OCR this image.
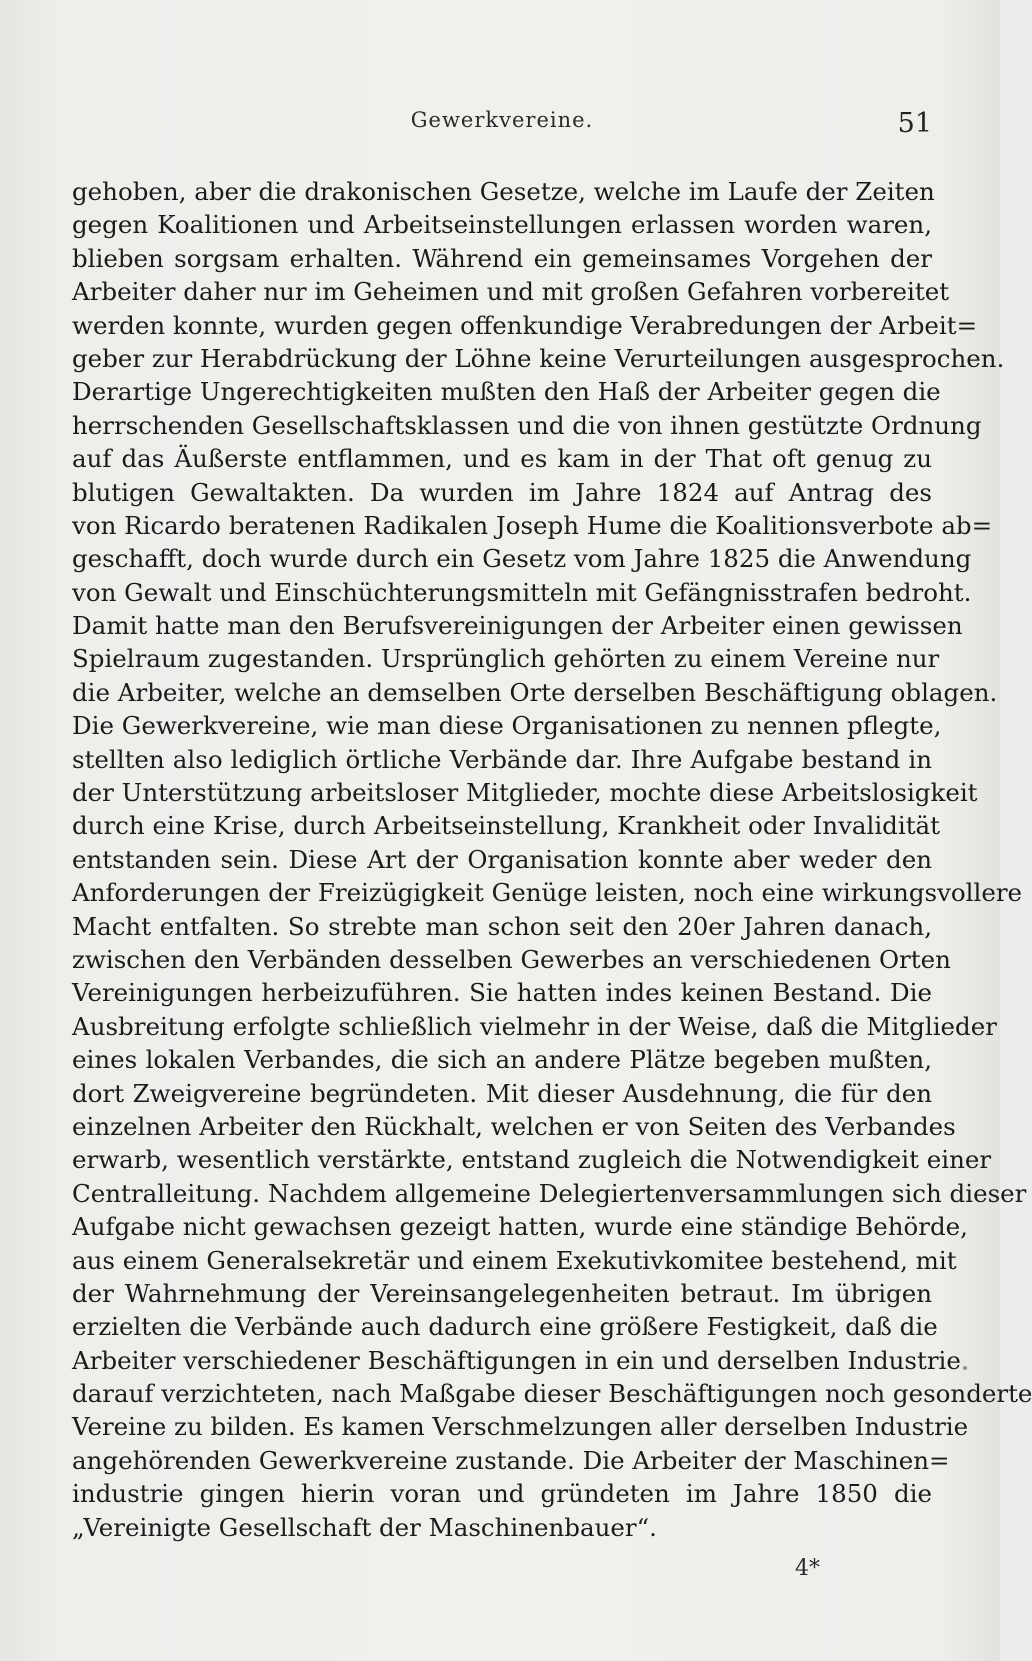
Gewerkvereine.	51
gehoben, aber die drakonischen Gesetze, welche im Laufe der Zeiten
gegen Koalitionen und Arbeitseinstellungen erlassen worden waren,
blieben sorgsam erhalten. Während ein gemeinsames Vorgehen der
Arbeiter daher nur im Geheimen und mit großen Gefahren vorbereitet
werden konnte, wurden gegen offenkundige Verabredungen der Arbeit=
geber zur Herabdrückung der Löhne keine Verurteilungen ausgesprochen.
Derartige Ungerechtigkeiten mußten den Haß der Arbeiter gegen die
herrschenden Gesellschaftsklassen und die von ihnen gestützte Ordnung
auf das Äußerste entflammen, und es kam in der That oft genug zu
blutigen Gewaltakten. Da wurden im Jahre 1824 auf Antrag des
von Ricardo beratenen Radikalen Joseph Hume die Koalitionsverbote ab=
geschafft, doch wurde durch ein Gesetz vom Jahre 1825 die Anwendung
von Gewalt und Einschüchterungsmitteln mit Gefängnisstrafen bedroht.
Damit hatte man den Berufsvereinigungen der Arbeiter einen gewissen
Spielraum zugestanden. Ursprünglich gehörten zu einem Vereine nur
die Arbeiter, welche an demselben Orte derselben Beschäftigung oblagen.
Die Gewerkvereine, wie man diese Organisationen zu nennen pflegte,
stellten also lediglich örtliche Verbände dar. Ihre Aufgabe bestand in
der Unterstützung arbeitsloser Mitglieder, mochte diese Arbeitslosigkeit
durch eine Krise, durch Arbeitseinstellung, Krankheit oder Invalidität
entstanden sein. Diese Art der Organisation konnte aber weder den
Anforderungen der Freizügigkeit Genüge leisten, noch eine wirkungsvollere
Macht entfalten. So strebte man schon seit den 20er Jahren danach,
zwischen den Verbänden desselben Gewerbes an verschiedenen Orten
Vereinigungen herbeizuführen. Sie hatten indes keinen Bestand. Die
Ausbreitung erfolgte schließlich vielmehr in der Weise, daß die Mitglieder
eines lokalen Verbandes, die sich an andere Plätze begeben mußten,
dort Zweigvereine begründeten. Mit dieser Ausdehnung, die für den
einzelnen Arbeiter den Rückhalt, welchen er von Seiten des Verbandes
erwarb, wesentlich verstärkte, entstand zugleich die Notwendigkeit einer
Centralleitung. Nachdem allgemeine Delegiertenversammlungen sich dieser
Aufgabe nicht gewachsen gezeigt hatten, wurde eine ständige Behörde,
aus einem Generalsekretär und einem Exekutivkomitee bestehend, mit
der Wahrnehmung der Vereinsangelegenheiten betraut. Im übrigen
erzielten die Verbände auch dadurch eine größere Festigkeit, daß die
Arbeiter verschiedener Beschäftigungen in ein und derselben Industrie
darauf verzichteten, nach Maßgabe dieser Beschäftigungen noch gesonderte
Vereine zu bilden. Es kamen Verschmelzungen aller derselben Industrie
angehörenden Gewerkvereine zustande. Die Arbeiter der Maschinen=
industrie gingen hierin voran und gründeten im Jahre 1850 die
„Vereinigte Gesellschaft der Maschinenbauer“.
4*
